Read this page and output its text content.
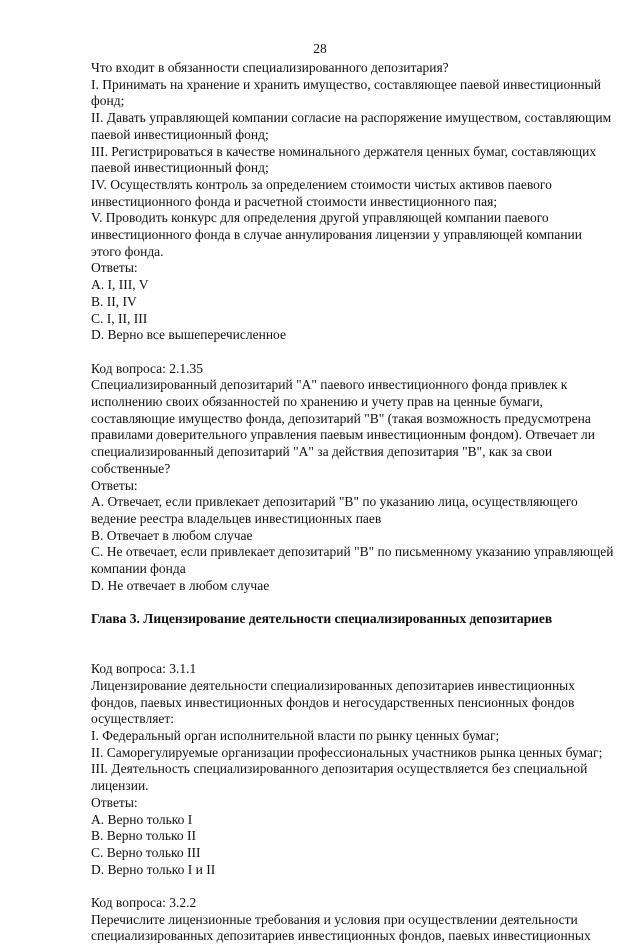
28
Что входит в обязанности специализированного депозитария?
I. Принимать на хранение и хранить имущество, составляющее паевой инвестиционный
фонд;
II. Давать управляющей компании согласие на распоряжение имуществом, составляющим
паевой инвестиционный фонд;
III. Регистрироваться в качестве номинального держателя ценных бумаг, составляющих
паевой инвестиционный фонд;
IV. Осуществлять контроль за определением стоимости чистых активов паевого
инвестиционного фонда и расчетной стоимости инвестиционного пая;
V. Проводить конкурс для определения другой управляющей компании паевого
инвестиционного фонда в случае аннулирования лицензии у управляющей компании
этого фонда.
Ответы:
A. I, III, V
B. II, IV
C. I, II, III
D. Верно все вышеперечисленное
Код вопроса: 2.1.35
Специализированный депозитарий "А" паевого инвестиционного фонда привлек к
исполнению своих обязанностей по хранению и учету прав на ценные бумаги,
составляющие имущество фонда, депозитарий "В" (такая возможность предусмотрена
правилами доверительного управления паевым инвестиционным фондом). Отвечает ли
специализированный депозитарий "А" за действия депозитария "В", как за свои
собственные?
Ответы:
A. Отвечает, если привлекает депозитарий "В" по указанию лица, осуществляющего
ведение реестра владельцев инвестиционных паев
B. Отвечает в любом случае
C. Не отвечает, если привлекает депозитарий "В" по письменному указанию управляющей
компании фонда
D. Не отвечает в любом случае
Глава 3. Лицензирование деятельности специализированных депозитариев
Код вопроса: 3.1.1
Лицензирование деятельности специализированных депозитариев инвестиционных
фондов, паевых инвестиционных фондов и негосударственных пенсионных фондов
осуществляет:
I. Федеральный орган исполнительной власти по рынку ценных бумаг;
II. Саморегулируемые организации профессиональных участников рынка ценных бумаг;
III. Деятельность специализированного депозитария осуществляется без специальной
лицензии.
Ответы:
A. Верно только I
B. Верно только II
C. Верно только III
D. Верно только I и II
Код вопроса: 3.2.2
Перечислите лицензионные требования и условия при осуществлении деятельности
специализированных депозитариев инвестиционных фондов, паевых инвестиционных
